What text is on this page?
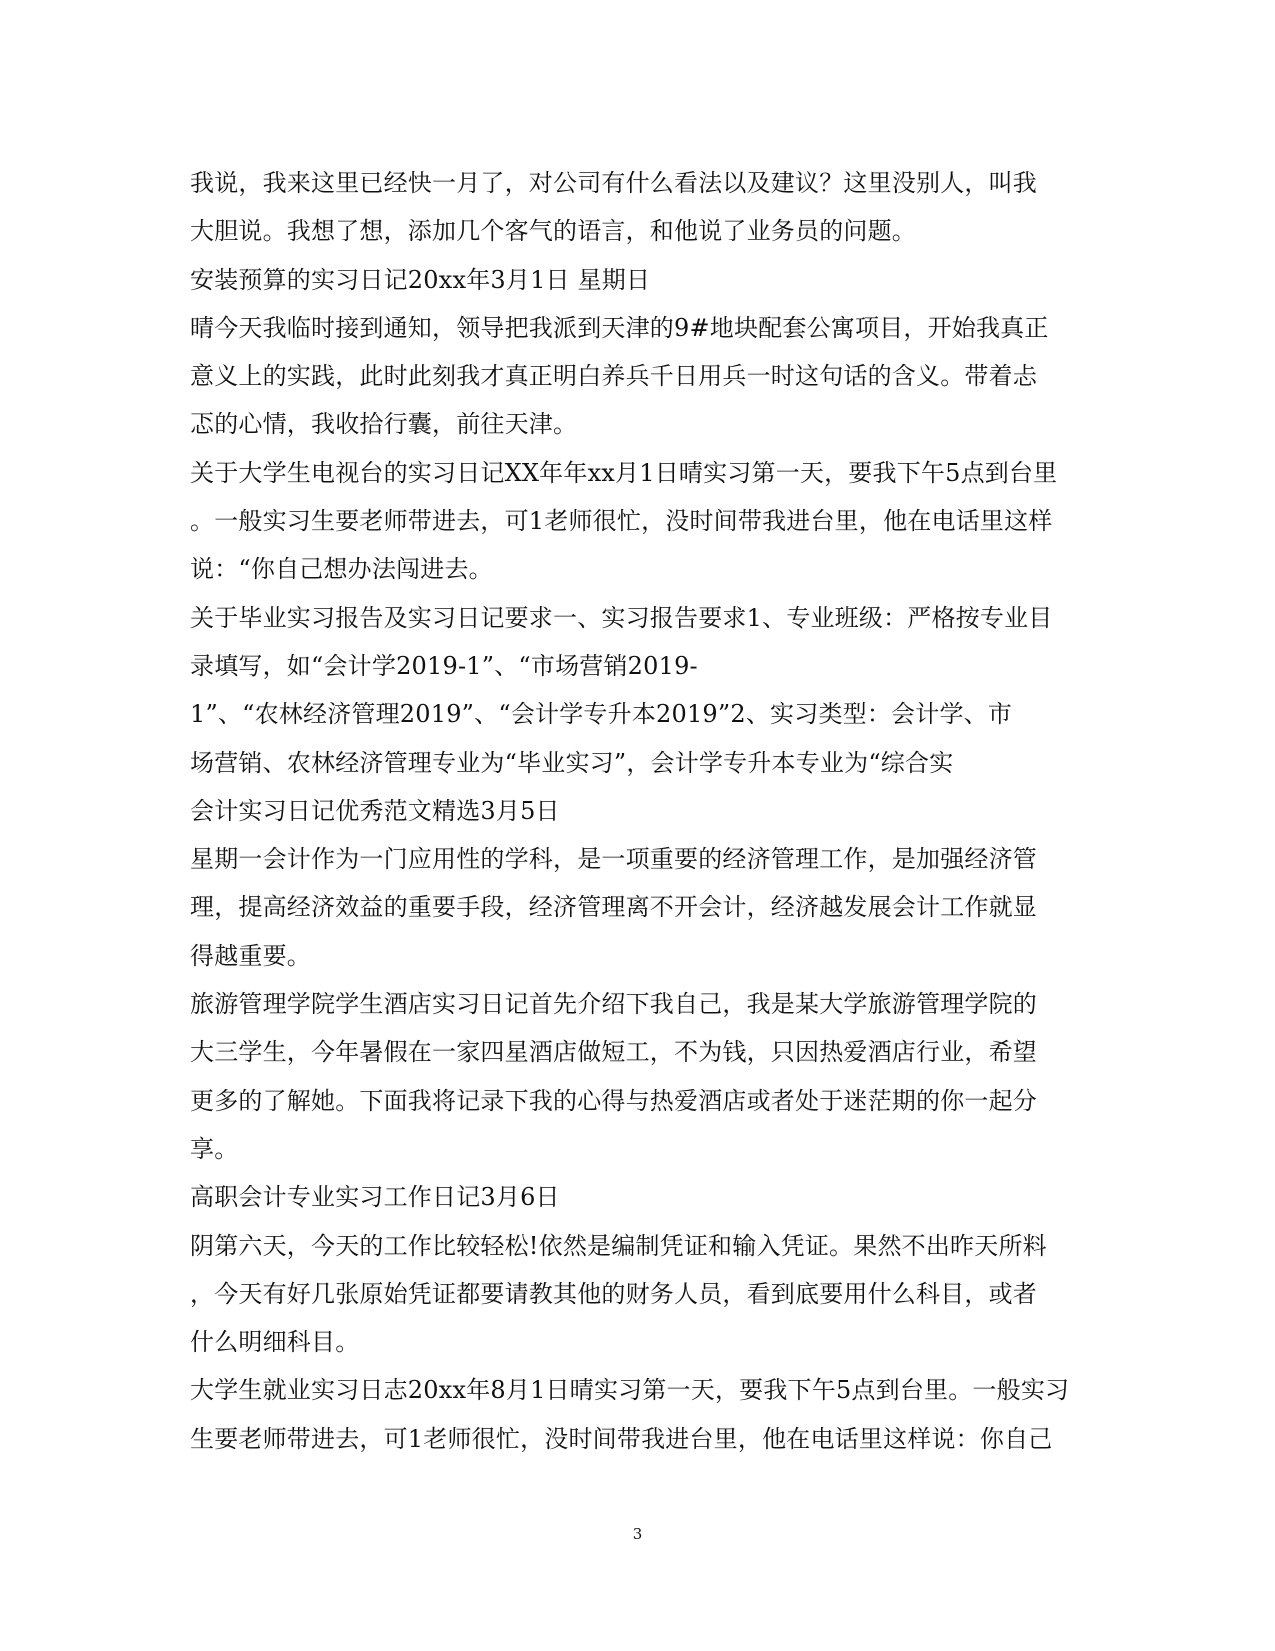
我说，我来这里已经快一月了，对公司有什么看法以及建议？这里没别人，叫我
大胆说。我想了想，添加几个客气的语言，和他说了业务员的问题。
安装预算的实习日记20xx年3月1日 星期日
晴今天我临时接到通知，领导把我派到天津的9#地块配套公寓项目，开始我真正
意义上的实践，此时此刻我才真正明白养兵千日用兵一时这句话的含义。带着忐
忑的心情，我收拾行囊，前往天津。
关于大学生电视台的实习日记XX年年xx月1日晴实习第一天，要我下午5点到台里
。一般实习生要老师带进去，可1老师很忙，没时间带我进台里，他在电话里这样
说：“你自己想办法闯进去。
关于毕业实习报告及实习日记要求一、实习报告要求1、专业班级：严格按专业目
录填写，如“会计学2019-1”、“市场营销2019-
1”、“农林经济管理2019”、“会计学专升本2019”2、实习类型：会计学、市
场营销、农林经济管理专业为“毕业实习”，会计学专升本专业为“综合实
会计实习日记优秀范文精选3月5日
星期一会计作为一门应用性的学科，是一项重要的经济管理工作，是加强经济管
理，提高经济效益的重要手段，经济管理离不开会计，经济越发展会计工作就显
得越重要。
旅游管理学院学生酒店实习日记首先介绍下我自己，我是某大学旅游管理学院的
大三学生，今年暑假在一家四星酒店做短工，不为钱，只因热爱酒店行业，希望
更多的了解她。下面我将记录下我的心得与热爱酒店或者处于迷茫期的你一起分
享。
高职会计专业实习工作日记3月6日
阴第六天，今天的工作比较轻松!依然是编制凭证和输入凭证。果然不出昨天所料
，今天有好几张原始凭证都要请教其他的财务人员，看到底要用什么科目，或者
什么明细科目。
大学生就业实习日志20xx年8月1日晴实习第一天，要我下午5点到台里。一般实习
生要老师带进去，可1老师很忙，没时间带我进台里，他在电话里这样说：你自己
3
